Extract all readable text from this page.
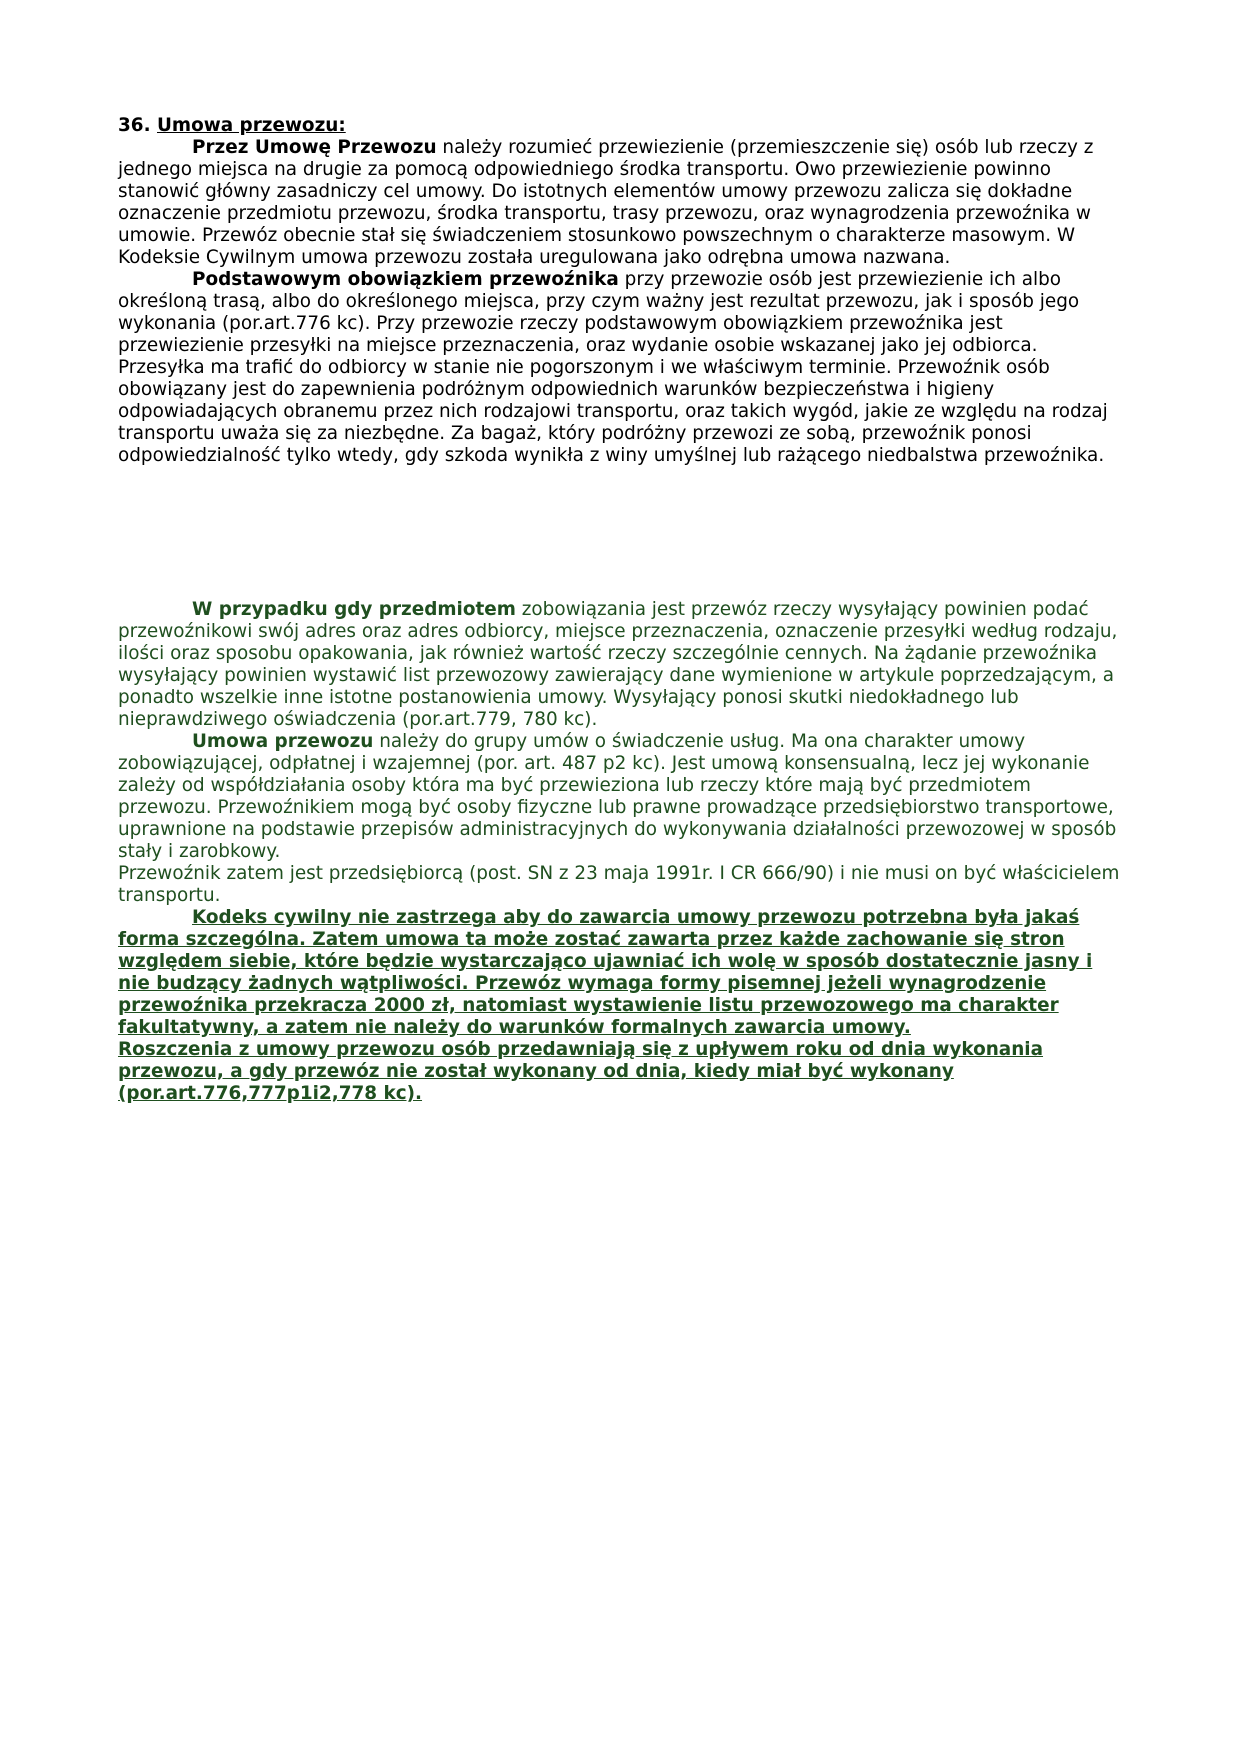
36. Umowa przewozu:

Przez Umowę Przewozu należy rozumieć przewiezienie (przemieszczenie się) osób lub rzeczy z jednego miejsca na drugie za pomocą odpowiedniego środka transportu. Owo przewiezienie powinno stanowić główny zasadniczy cel umowy. Do istotnych elementów umowy przewozu zalicza się dokładne oznaczenie przedmiotu przewozu, środka transportu, trasy przewozu, oraz wynagrodzenia przewoźnika w umowie. Przewóz obecnie stał się świadczeniem stosunkowo powszechnym o charakterze masowym. W Kodeksie Cywilnym umowa przewozu została uregulowana jako odrębna umowa nazwana.

Podstawowym obowiązkiem przewoźnika przy przewozie osób jest przewiezienie ich albo określoną trasą, albo do określonego miejsca, przy czym ważny jest rezultat przewozu, jak i sposób jego wykonania (por.art.776 kc). Przy przewozie rzeczy podstawowym obowiązkiem przewoźnika jest przewiezienie przesyłki na miejsce przeznaczenia, oraz wydanie osobie wskazanej jako jej odbiorca. Przesyłka ma trafić do odbiorcy w stanie nie pogorszonym i we właściwym terminie. Przewoźnik osób obowiązany jest do zapewnienia podróżnym odpowiednich warunków bezpieczeństwa i higieny odpowiadających obranemu przez nich rodzajowi transportu, oraz takich wygód, jakie ze względu na rodzaj transportu uważa się za niezbędne. Za bagaż, który podróżny przewozi ze sobą, przewoźnik ponosi odpowiedzialność tylko wtedy, gdy szkoda wynikła z winy umyślnej lub rażącego niedbalstwa przewoźnika.

W przypadku gdy przedmiotem zobowiązania jest przewóz rzeczy wysyłający powinien podać przewoźnikowi swój adres oraz adres odbiorcy, miejsce przeznaczenia, oznaczenie przesyłki według rodzaju, ilości oraz sposobu opakowania, jak również wartość rzeczy szczególnie cennych. Na żądanie przewoźnika wysyłający powinien wystawić list przewozowy zawierający dane wymienione w artykule poprzedzającym, a ponadto wszelkie inne istotne postanowienia umowy. Wysyłający ponosi skutki niedokładnego lub nieprawdziwego oświadczenia (por.art.779, 780 kc).

Umowa przewozu należy do grupy umów o świadczenie usług. Ma ona charakter umowy zobowiązującej, odpłatnej i wzajemnej (por. art. 487 p2 kc). Jest umową konsensualną, lecz jej wykonanie zależy od współdziałania osoby która ma być przewieziona lub rzeczy które mają być przedmiotem przewozu. Przewoźnikiem mogą być osoby fizyczne lub prawne prowadzące przedsiębiorstwo transportowe, uprawnione na podstawie przepisów administracyjnych do wykonywania działalności przewozowej w sposób stały i zarobkowy.

Przewoźnik zatem jest przedsiębiorcą (post. SN z 23 maja 1991r. I CR 666/90) i nie musi on być właścicielem transportu.

Kodeks cywilny nie zastrzega aby do zawarcia umowy przewozu potrzebna była jakaś forma szczególna. Zatem umowa ta może zostać zawarta przez każde zachowanie się stron względem siebie, które będzie wystarczająco ujawniać ich wolę w sposób dostatecznie jasny i nie budzący żadnych wątpliwości. Przewóz wymaga formy pisemnej jeżeli wynagrodzenie przewoźnika przekracza 2000 zł, natomiast wystawienie listu przewozowego ma charakter fakultatywny, a zatem nie należy do warunków formalnych zawarcia umowy.

Roszczenia z umowy przewozu osób przedawniają się z upływem roku od dnia wykonania przewozu, a gdy przewóz nie został wykonany od dnia, kiedy miał być wykonany (por.art.776,777p1i2,778 kc).
